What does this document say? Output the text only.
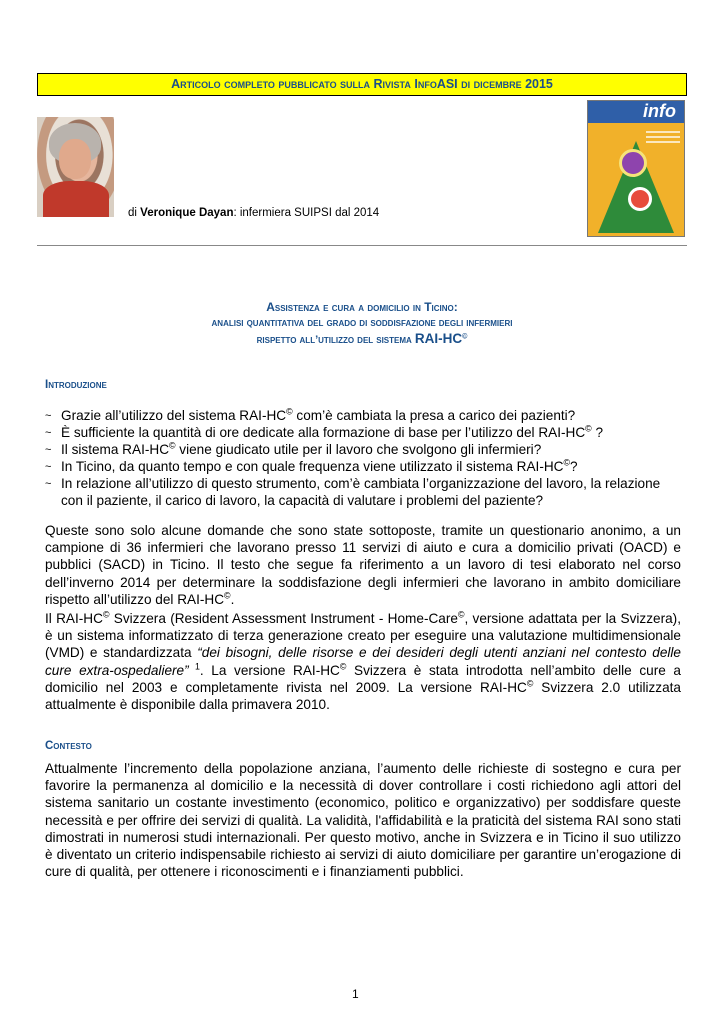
Articolo completo pubblicato sulla Rivista InfoASI di dicembre 2015
di Veronique Dayan: infermiera SUIPSI dal 2014
info
Assistenza e cura a domicilio in Ticino:
analisi quantitativa del grado di soddisfazione degli infermieri
rispetto all’utilizzo del sistema RAI-HC©
Introduzione
~ Grazie all’utilizzo del sistema RAI-HC© com’è cambiata la presa a carico dei pazienti?
~ È sufficiente la quantità di ore dedicate alla formazione di base per l’utilizzo del RAI-HC© ?
~ Il sistema RAI-HC© viene giudicato utile per il lavoro che svolgono gli infermieri?
~ In Ticino, da quanto tempo e con quale frequenza viene utilizzato il sistema RAI-HC©?
~ In relazione all’utilizzo di questo strumento, com’è cambiata l’organizzazione del lavoro, la relazione con il paziente, il carico di lavoro, la capacità di valutare i problemi del paziente?

Queste sono solo alcune domande che sono state sottoposte, tramite un questionario anonimo, a un campione di 36 infermieri che lavorano presso 11 servizi di aiuto e cura a domicilio privati (OACD) e pubblici (SACD) in Ticino. Il testo che segue fa riferimento a un lavoro di tesi elaborato nel corso dell’inverno 2014 per determinare la soddisfazione degli infermieri che lavorano in ambito domiciliare rispetto all’utilizzo del RAI-HC©.

Il RAI-HC© Svizzera (Resident Assessment Instrument - Home-Care©, versione adattata per la Svizzera), è un sistema informatizzato di terza generazione creato per eseguire una valutazione multidimensionale (VMD) e standardizzata “dei bisogni, delle risorse e dei desideri degli utenti anziani nel contesto delle cure extra-ospedaliere” $^1$. La versione RAI-HC© Svizzera è stata introdotta nell’ambito delle cure a domicilio nel 2003 e completamente rivista nel 2009. La versione RAI-HC© Svizzera 2.0 utilizzata attualmente è disponibile dalla primavera 2010.

Contesto

Attualmente l’incremento della popolazione anziana, l’aumento delle richieste di sostegno e cura per favorire la permanenza al domicilio e la necessità di dover controllare i costi richiedono agli attori del sistema sanitario un costante investimento (economico, politico e organizzativo) per soddisfare queste necessità e per offrire dei servizi di qualità. La validità, l'affidabilità e la praticità del sistema RAI sono stati dimostrati in numerosi studi internazionali. Per questo motivo, anche in Svizzera e in Ticino il suo utilizzo è diventato un criterio indispensabile richiesto ai servizi di aiuto domiciliare per garantire un’erogazione di cure di qualità, per ottenere i riconoscimenti e i finanziamenti pubblici.

1
